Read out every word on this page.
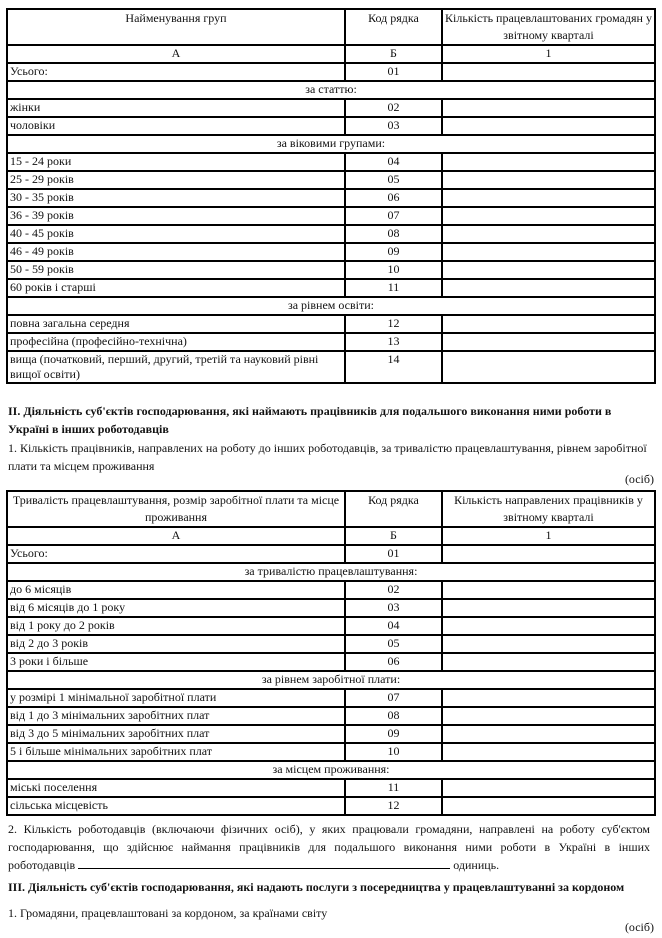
Найменування груп	Код рядка	Кількість працевлаштованих громадян у звітному кварталі
А	Б	1
Усього:	01	
за статтю:		
жінки	02	
чоловіки	03	
за віковими групами:		
15 - 24 роки	04	
25 - 29 років	05	
30 - 35 років	06	
36 - 39 років	07	
40 - 45 років	08	
46 - 49 років	09	
50 - 59 років	10	
60 років і старші	11	
за рівнем освіти:		
повна загальна середня	12	
професійна (професійно-технічна)	13	
вища (початковий, перший, другий, третій та науковий рівні вищої освіти)	14	
II. Діяльність суб'єктів господарювання, які наймають працівників для подальшого виконання ними роботи в Україні в інших роботодавців
1. Кількість працівників, направлених на роботу до інших роботодавців, за тривалістю працевлаштування, рівнем заробітної плати та місцем проживання
(осіб)
Тривалість працевлаштування, розмір заробітної плати та місце проживання	Код рядка	Кількість направлених працівників у звітному кварталі
А	Б	1
Усього:	01	
за тривалістю працевлаштування:		
до 6 місяців	02	
від 6 місяців до 1 року	03	
від 1 року до 2 років	04	
від 2 до 3 років	05	
3 роки і більше	06	
за рівнем заробітної плати:		
у розмірі 1 мінімальної заробітної плати	07	
від 1 до 3 мінімальних заробітних плат	08	
від 3 до 5 мінімальних заробітних плат	09	
5 і більше мінімальних заробітних плат	10	
за місцем проживання:		
міські поселення	11	
сільська місцевість	12	
2. Кількість роботодавців (включаючи фізичних осіб), у яких працювали громадяни, направлені на роботу суб'єктом господарювання, що здійснює наймання працівників для подальшого виконання ними роботи в Україні в інших роботодавців	одиниць.
III. Діяльність суб'єктів господарювання, які надають послуги з посередництва у працевлаштуванні за кордоном
1. Громадяни, працевлаштовані за кордоном, за країнами світу
(осіб)
